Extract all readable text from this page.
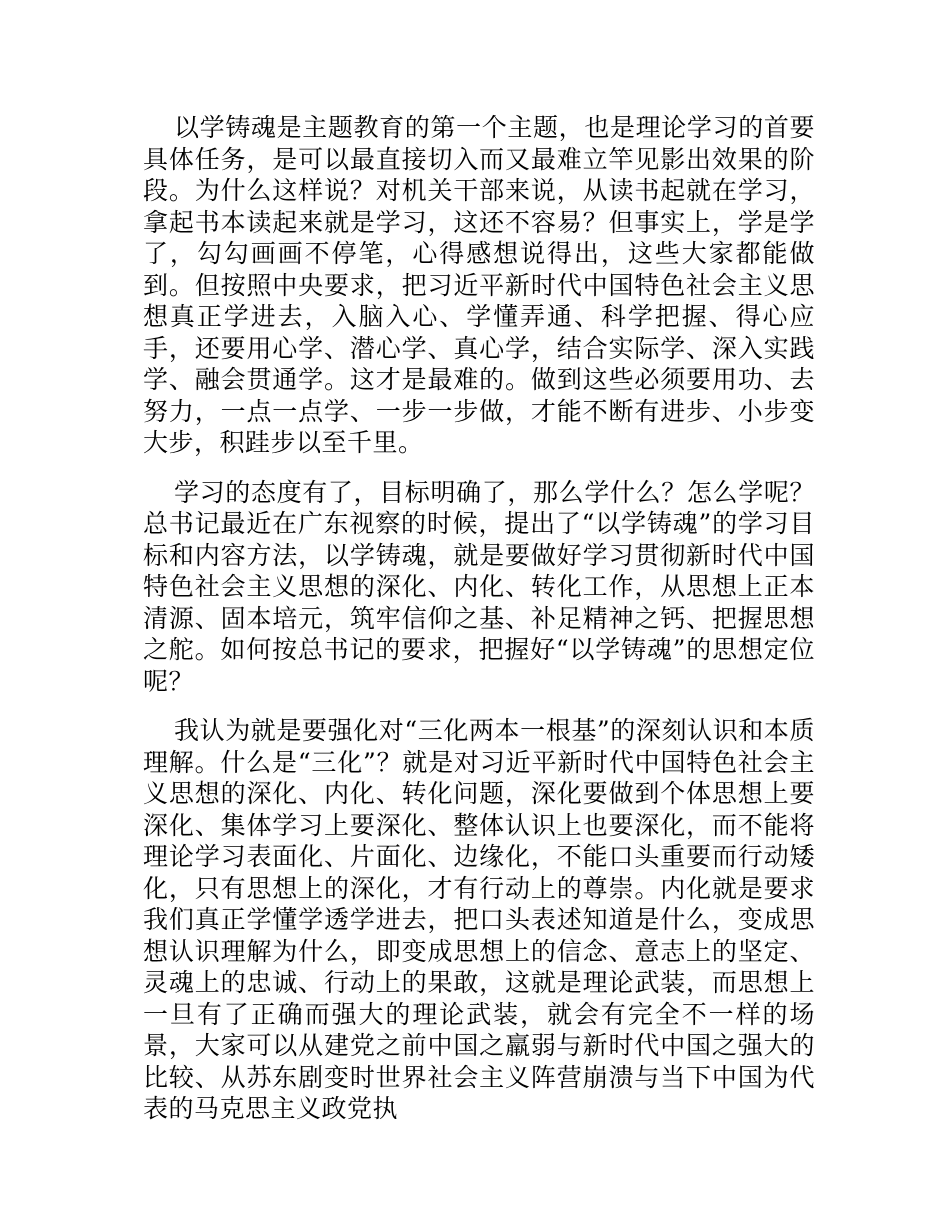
以学铸魂是主题教育的第一个主题，也是理论学习的首要具体任务，是可以最直接切入而又最难立竿见影出效果的阶段。为什么这样说？对机关干部来说，从读书起就在学习，拿起书本读起来就是学习，这还不容易？但事实上，学是学了，勾勾画画不停笔，心得感想说得出，这些大家都能做到。但按照中央要求，把习近平新时代中国特色社会主义思想真正学进去，入脑入心、学懂弄通、科学把握、得心应手，还要用心学、潜心学、真心学，结合实际学、深入实践学、融会贯通学。这才是最难的。做到这些必须要用功、去努力，一点一点学、一步一步做，才能不断有进步、小步变大步，积跬步以至千里。

学习的态度有了，目标明确了，那么学什么？怎么学呢？总书记最近在广东视察的时候，提出了“以学铸魂”的学习目标和内容方法，以学铸魂，就是要做好学习贯彻新时代中国特色社会主义思想的深化、内化、转化工作，从思想上正本清源、固本培元，筑牢信仰之基、补足精神之钙、把握思想之舵。如何按总书记的要求，把握好“以学铸魂”的思想定位呢？

我认为就是要强化对“三化两本一根基”的深刻认识和本质理解。什么是“三化”？就是对习近平新时代中国特色社会主义思想的深化、内化、转化问题，深化要做到个体思想上要深化、集体学习上要深化、整体认识上也要深化，而不能将理论学习表面化、片面化、边缘化，不能口头重要而行动矮化，只有思想上的深化，才有行动上的尊崇。内化就是要求我们真正学懂学透学进去，把口头表述知道是什么，变成思想认识理解为什么，即变成思想上的信念、意志上的坚定、灵魂上的忠诚、行动上的果敢，这就是理论武装，而思想上一旦有了正确而强大的理论武装，就会有完全不一样的场景，大家可以从建党之前中国之羸弱与新时代中国之强大的比较、从苏东剧变时世界社会主义阵营崩溃与当下中国为代表的马克思主义政党执
